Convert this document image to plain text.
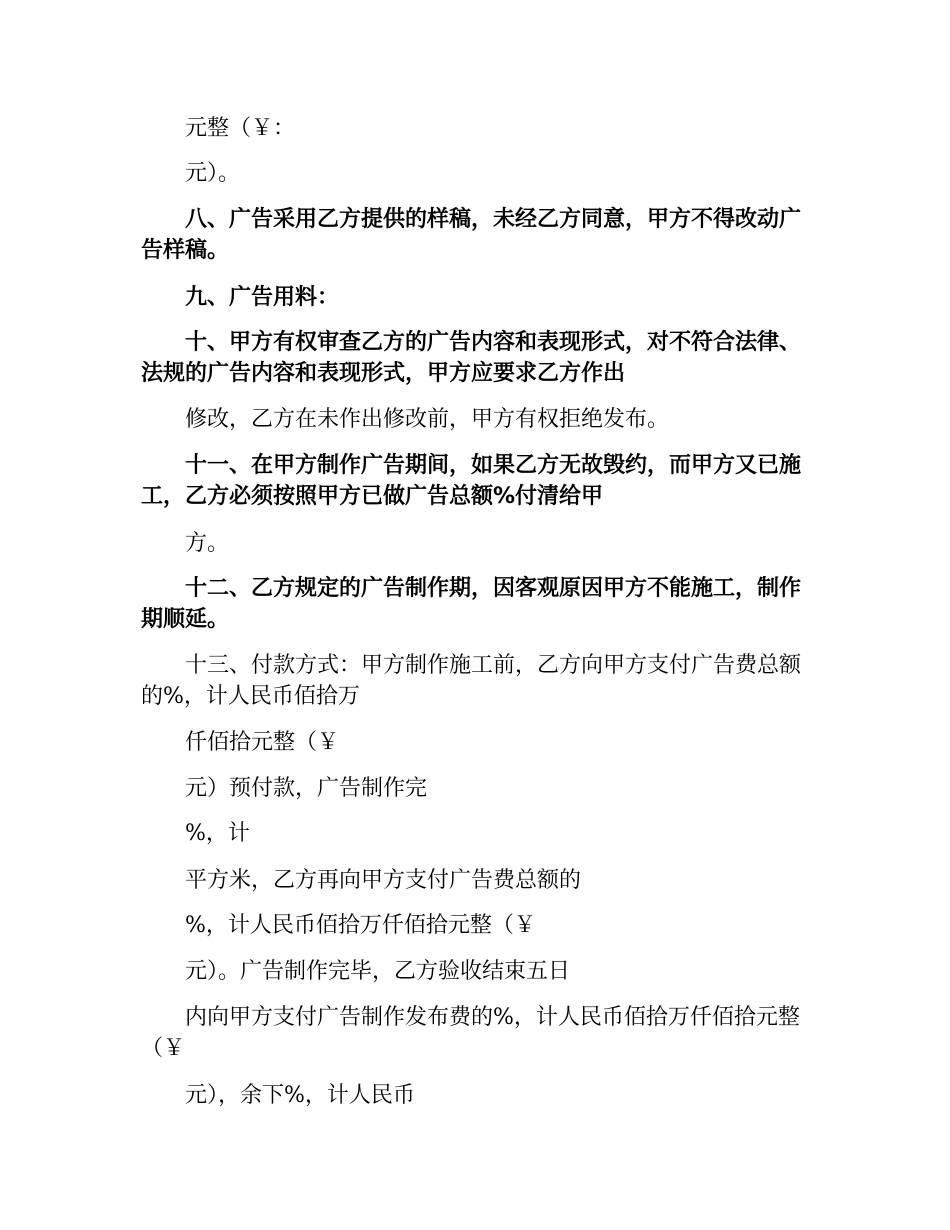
元整（￥：

元）。

八、广告采用乙方提供的样稿，未经乙方同意，甲方不得改动广告样稿。

九、广告用料：

十、甲方有权审查乙方的广告内容和表现形式，对不符合法律、法规的广告内容和表现形式，甲方应要求乙方作出

修改，乙方在未作出修改前，甲方有权拒绝发布。

十一、在甲方制作广告期间，如果乙方无故毁约，而甲方又已施工，乙方必须按照甲方已做广告总额%付清给甲

方。

十二、乙方规定的广告制作期，因客观原因甲方不能施工，制作期顺延。

十三、付款方式：甲方制作施工前，乙方向甲方支付广告费总额的%，计人民币佰拾万

仟佰拾元整（￥

元）预付款，广告制作完

%，计

平方米，乙方再向甲方支付广告费总额的

%，计人民币佰拾万仟佰拾元整（￥

元）。广告制作完毕，乙方验收结束五日

内向甲方支付广告制作发布费的%，计人民币佰拾万仟佰拾元整（￥

元），余下%，计人民币
